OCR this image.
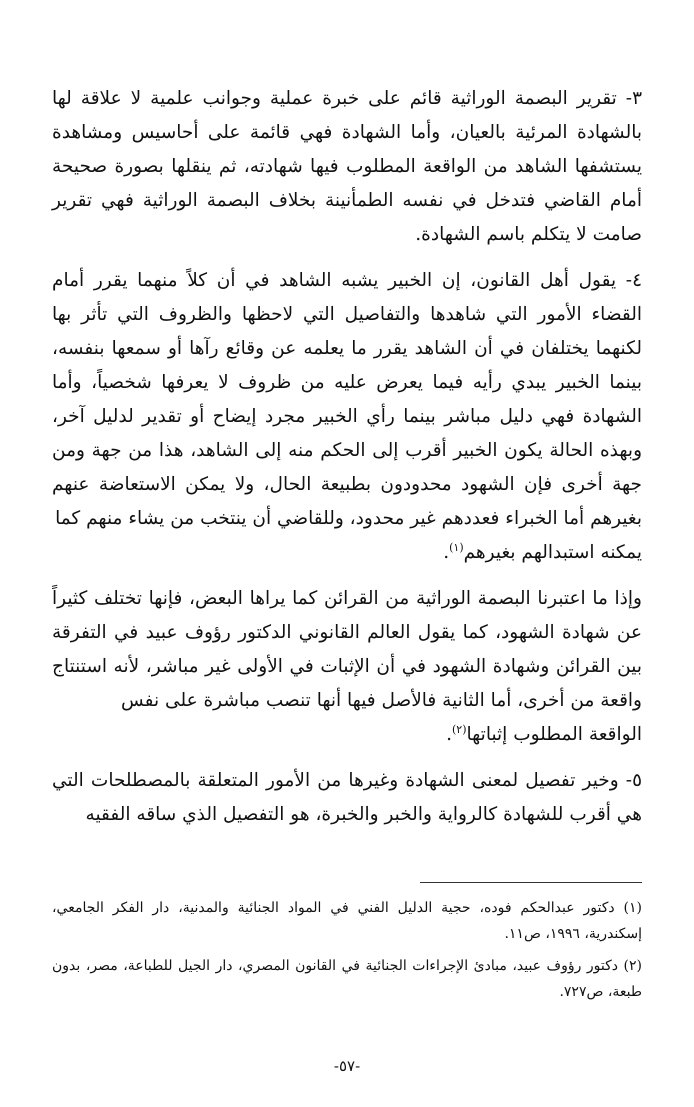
٣- تقرير البصمة الوراثية قائم على خبرة عملية وجوانب علمية لا علاقة لها بالشهادة المرئية بالعيان، وأما الشهادة فهي قائمة على أحاسيس ومشاهدة يستشفها الشاهد من الواقعة المطلوب فيها شهادته، ثم ينقلها بصورة صحيحة أمام القاضي فتدخل في نفسه الطمأنينة بخلاف البصمة الوراثية فهي تقرير صامت لا يتكلم باسم الشهادة.

٤- يقول أهل القانون، إن الخبير يشبه الشاهد في أن كلاً منهما يقرر أمام القضاء الأمور التي شاهدها والتفاصيل التي لاحظها والظروف التي تأثر بها لكنهما يختلفان في أن الشاهد يقرر ما يعلمه عن وقائع رآها أو سمعها بنفسه، بينما الخبير يبدي رأيه فيما يعرض عليه من ظروف لا يعرفها شخصياً، وأما الشهادة فهي دليل مباشر بينما رأي الخبير مجرد إيضاح أو تقدير لدليل آخر، وبهذه الحالة يكون الخبير أقرب إلى الحكم منه إلى الشاهد، هذا من جهة ومن جهة أخرى فإن الشهود محدودون بطبيعة الحال، ولا يمكن الاستعاضة عنهم بغيرهم أما الخبراء فعددهم غير محدود، وللقاضي أن ينتخب من يشاء منهم كما
يمكنه استبدالهم بغيرهم$^{(١)}$.

وإذا ما اعتبرنا البصمة الوراثية من القرائن كما يراها البعض، فإنها تختلف كثيراً عن شهادة الشهود، كما يقول العالم القانوني الدكتور رؤوف عبيد في التفرقة بين القرائن وشهادة الشهود في أن الإثبات في الأولى غير مباشر، لأنه استنتاج واقعة من أخرى، أما الثانية فالأصل فيها أنها تنصب مباشرة على نفس
الواقعة المطلوب إثباتها$^{(٢)}$.

٥- وخير تفصيل لمعنى الشهادة وغيرها من الأمور المتعلقة بالمصطلحات التي هي أقرب للشهادة كالرواية والخبر والخبرة، هو التفصيل الذي ساقه الفقيه

(١) دكتور عبدالحكم فوده، حجية الدليل الفني في المواد الجنائية والمدنية، دار الفكر الجامعي، إسكندرية، ١٩٩٦، ص١١.

(٢) دكتور رؤوف عبيد، مبادئ الإجراءات الجنائية في القانون المصري، دار الجيل للطباعة، مصر، بدون طبعة، ص٧٢٧.

-٥٧-
